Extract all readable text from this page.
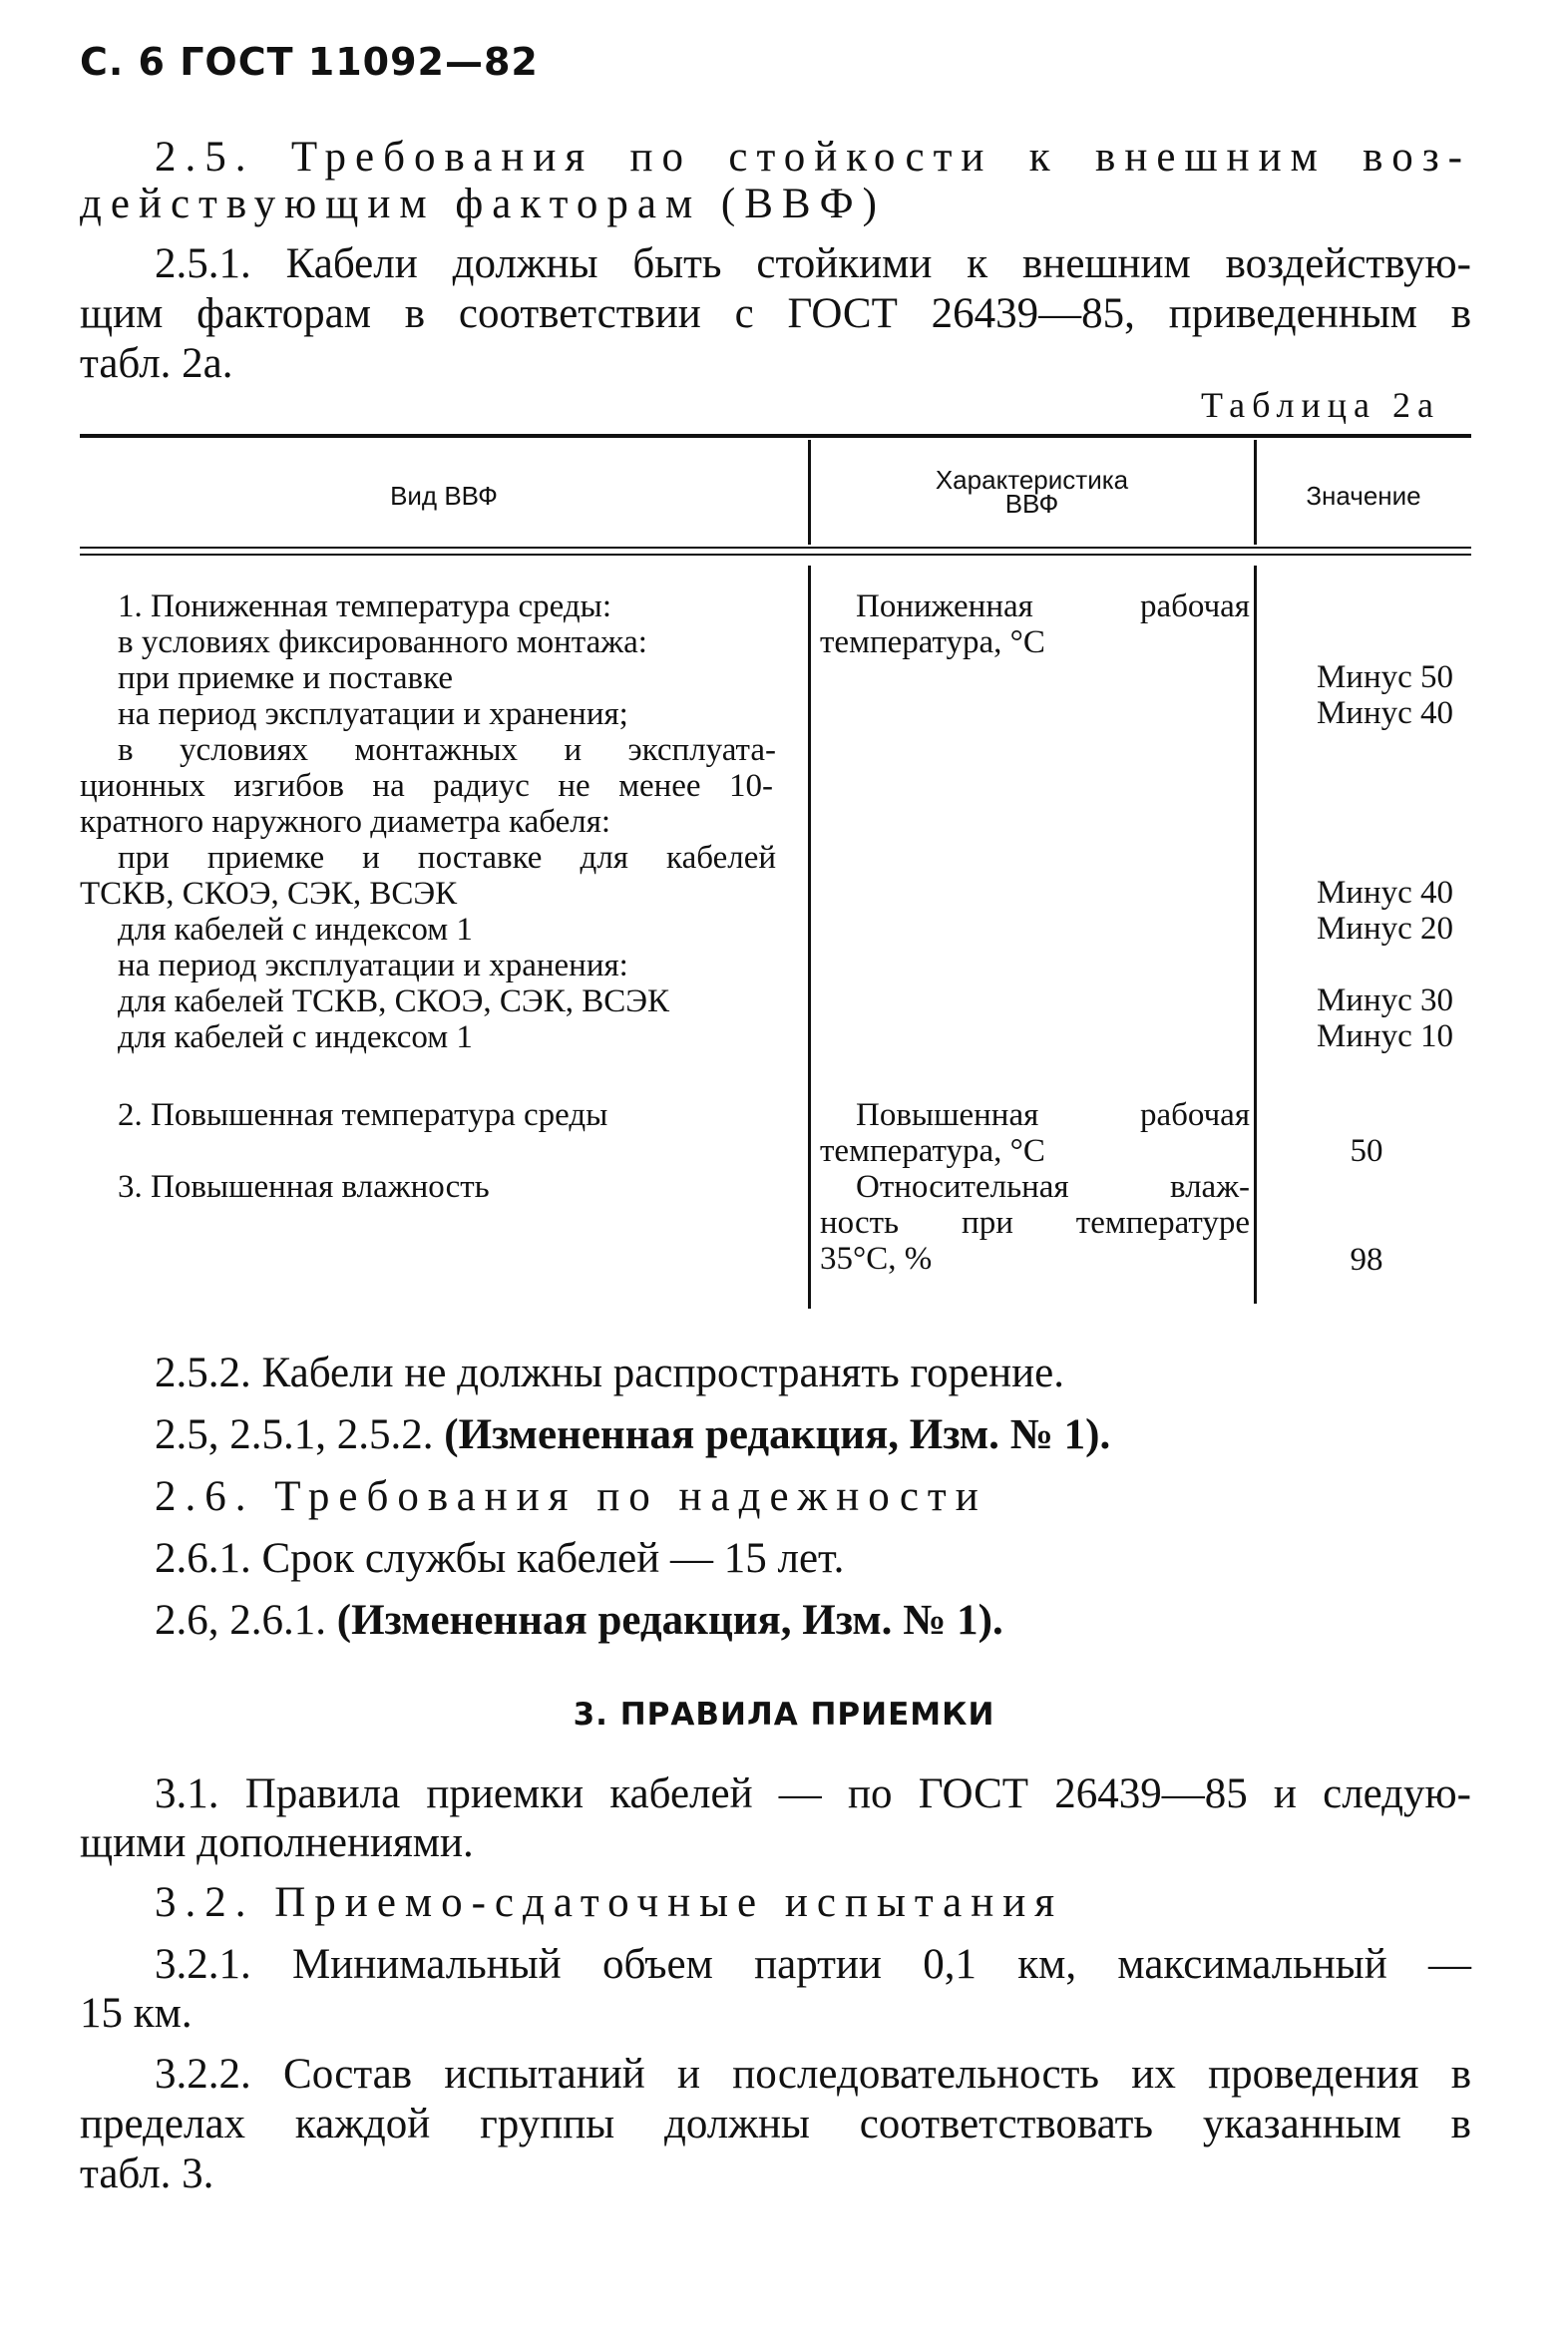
С. 6 ГОСТ 11092—82
2.5. Требования по стойкости к внешним воз-
действующим факторам (ВВФ)
2.5.1. Кабели должны быть стойкими к внешним воздействую-
щим факторам в соответствии с ГОСТ 26439—85, приведенным в
табл. 2а.
Таблица 2а
Вид ВВФ
Характеристика
ВВФ	Значение
1. Пониженная температура среды:
в условиях фиксированного монтажа:
при приемке и поставке
на период эксплуатации и хранения;
в условиях монтажных и эксплуата-
ционных изгибов на радиус не менее 10-
кратного наружного диаметра кабеля:
при приемке и поставке для кабелей
ТСКВ, СКОЭ, СЭК, ВСЭК
для кабелей с индексом 1
на период эксплуатации и хранения:
для кабелей ТСКВ, СКОЭ, СЭК, ВСЭК
для кабелей с индексом 1
2. Повышенная температура среды
3. Повышенная влажность
Пониженная рабочая
температура, °С
Повышенная рабочая
температура, °С
Относительная влаж-
ность при температуре
35°С, %
Минус 50
Минус 40
Минус 40
Минус 20
Минус 30
Минус 10
50
98
2.5.2. Кабели не должны распространять горение.
2.5, 2.5.1, 2.5.2. (Измененная редакция, Изм. № 1).
2.6. Требования по надежности
2.6.1. Срок службы кабелей — 15 лет.
2.6, 2.6.1. (Измененная редакция, Изм. № 1).
3. ПРАВИЛА ПРИЕМКИ
3.1. Правила приемки кабелей — по ГОСТ 26439—85 и следую-
щими дополнениями.
3.2. Приемо-сдаточные испытания
3.2.1. Минимальный объем партии 0,1 км, максимальный —
15 км.
3.2.2. Состав испытаний и последовательность их проведения в
пределах каждой группы должны соответствовать указанным в
табл. 3.
